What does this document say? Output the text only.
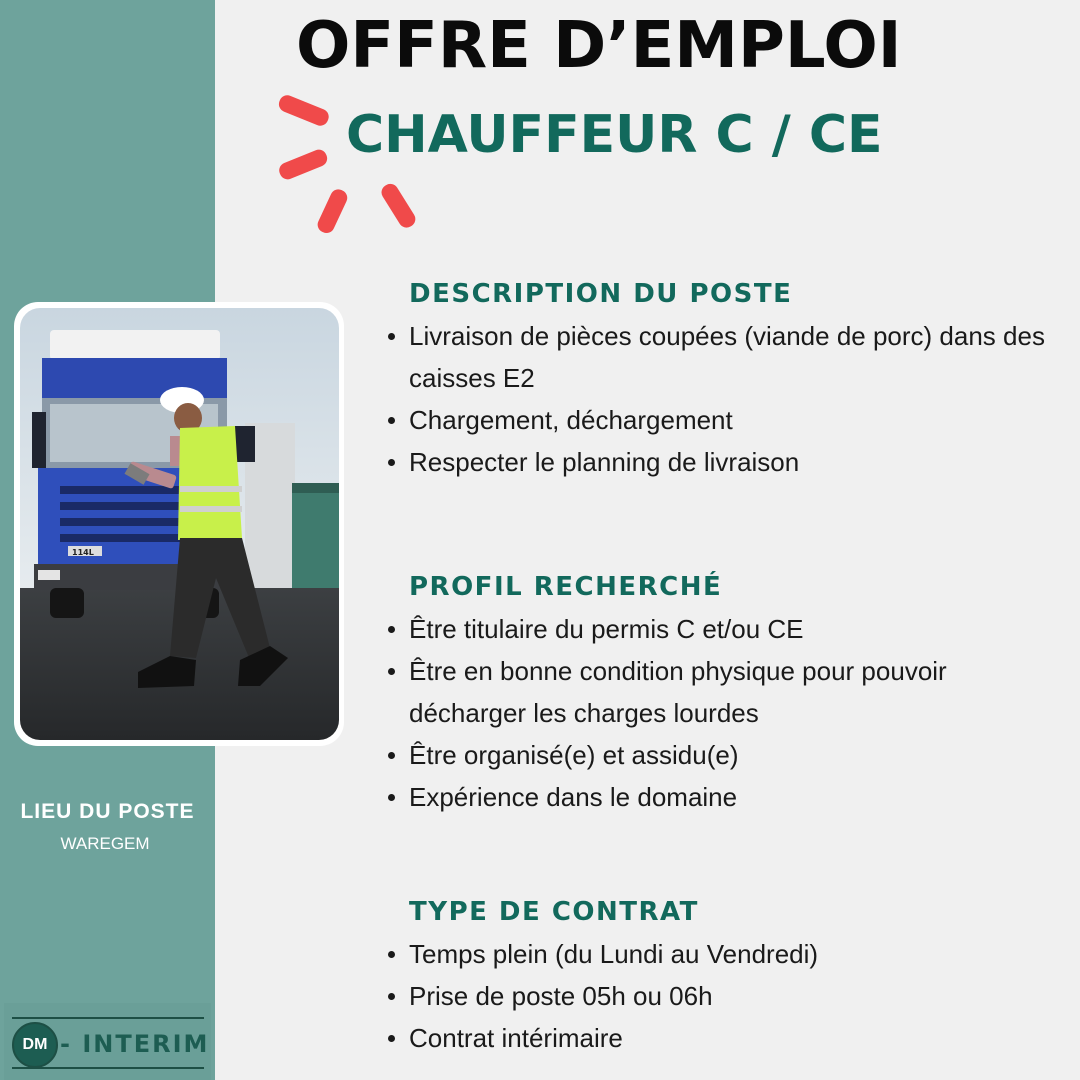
OFFRE D’EMPLOI
CHAUFFEUR C / CE
114L
LIEU DU POSTE
WAREGEM
DM - INTERIM
DESCRIPTION DU POSTE
Livraison de pièces coupées (viande de porc) dans des caisses E2
Chargement, déchargement
Respecter le planning de livraison
PROFIL RECHERCHÉ
Être titulaire du permis C et/ou CE
Être en bonne condition physique pour pouvoir décharger les charges lourdes
Être organisé(e) et assidu(e)
Expérience dans le domaine
TYPE DE CONTRAT
Temps plein (du Lundi au Vendredi)
Prise de poste 05h ou 06h
Contrat intérimaire
